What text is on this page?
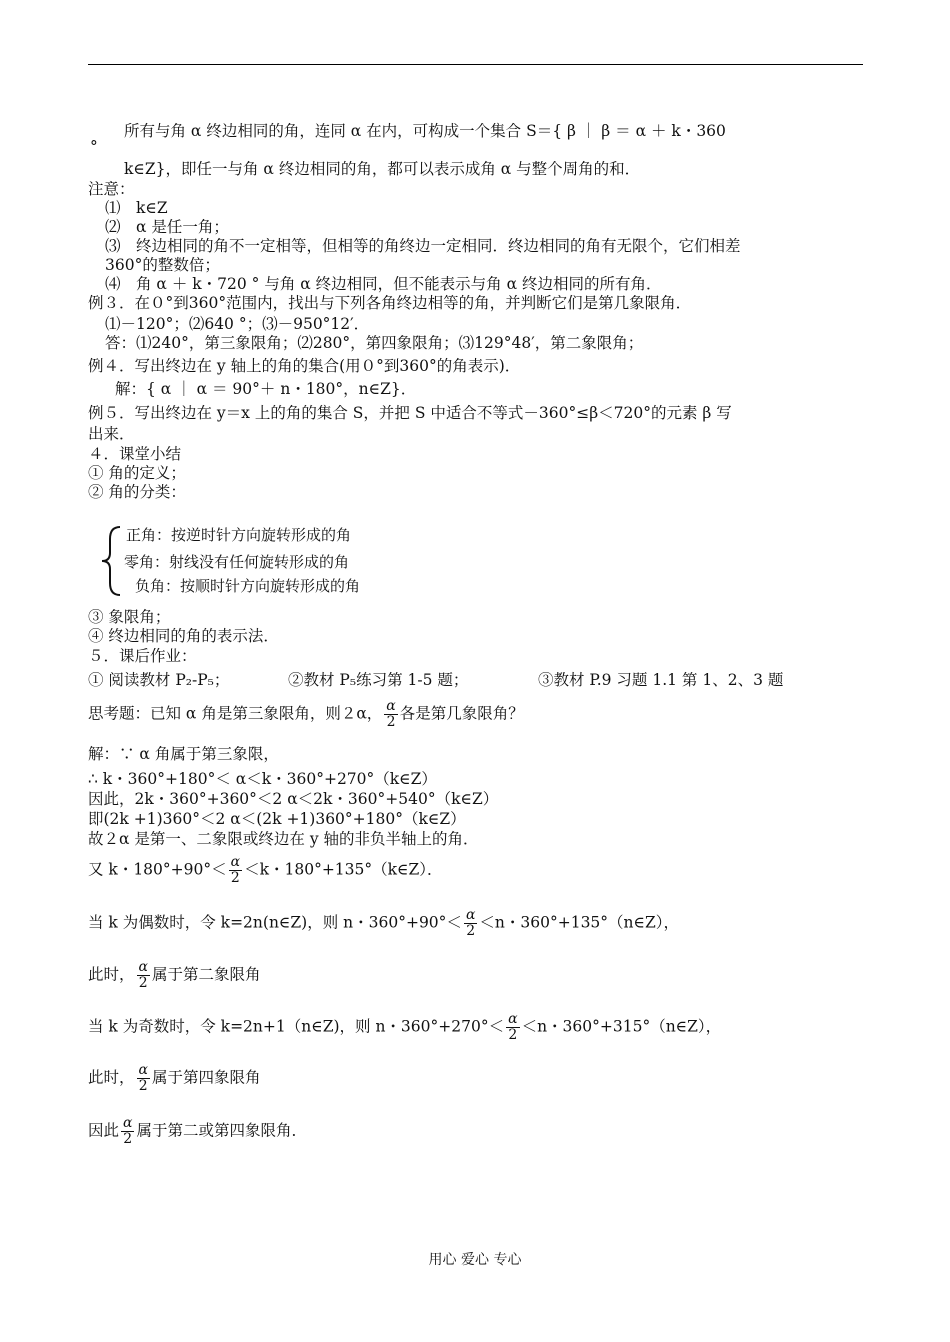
所有与角 α 终边相同的角，连同 α 在内，可构成一个集合 S＝{ β ｜ β ＝ α ＋ k・360
°
k∈Z}，即任一与角 α 终边相同的角，都可以表示成角 α 与整个周角的和．
注意：
⑴　k∈Z
⑵　α 是任一角；
⑶　终边相同的角不一定相等，但相等的角终边一定相同．终边相同的角有无限个，它们相差
360°的整数倍；
⑷　角 α ＋ k・720 ° 与角 α 终边相同，但不能表示与角 α 终边相同的所有角．
例３．在０°到360°范围内，找出与下列各角终边相等的角，并判断它们是第几象限角．
⑴－120°；⑵640 °；⑶－950°12′．
答：⑴240°，第三象限角；⑵280°，第四象限角；⑶129°48′，第二象限角；
例４．写出终边在 y 轴上的角的集合(用０°到360°的角表示)．
解：{ α ｜ α ＝ 90°＋ n・180°，n∈Z}．
例５．写出终边在 y＝x 上的角的集合 S，并把 S 中适合不等式－360°≤β＜720°的元素 β 写
出来．
４．课堂小结
① 角的定义；
② 角的分类：
正角：按逆时针方向旋转形成的角
零角：射线没有任何旋转形成的角
负角：按顺时针方向旋转形成的角
③ 象限角；
④ 终边相同的角的表示法．
５．课后作业：
① 阅读教材 P₂-P₅；	②教材 P₅练习第 1-5 题；	③教材 P.9 习题 1.1 第 1、2、3 题
思考题：已知 α 角是第三象限角，则２α， $\frac{\alpha}{2}$ 各是第几象限角？
解：∵ α 角属于第三象限，
∴ k・360°+180°＜ α＜k・360°+270°（k∈Z）
因此，2k・360°+360°＜2 α＜2k・360°+540°（k∈Z）
即(2k +1)360°＜2 α＜(2k +1)360°+180°（k∈Z）
故２α 是第一、二象限或终边在 y 轴的非负半轴上的角．
又 k・$180^\circ+90^\circ< \frac{\alpha}{2} <k$・180°+135°（k∈Z）．
当 k 为偶数时，令 k=2n(n∈Z)，则 n・$360^\circ+90^\circ< \frac{\alpha}{2} <n$・360°+135°（n∈Z），
此时， $\frac{\alpha}{2}$ 属于第二象限角
当 k 为奇数时，令 k=2n+1（n∈Z)，则 n・$360^\circ+270^\circ< \frac{\alpha}{2} <n$・360°+315°（n∈Z），
此时， $\frac{\alpha}{2}$ 属于第四象限角
因此 $\frac{\alpha}{2}$ 属于第二或第四象限角．
用心 爱心 专心
